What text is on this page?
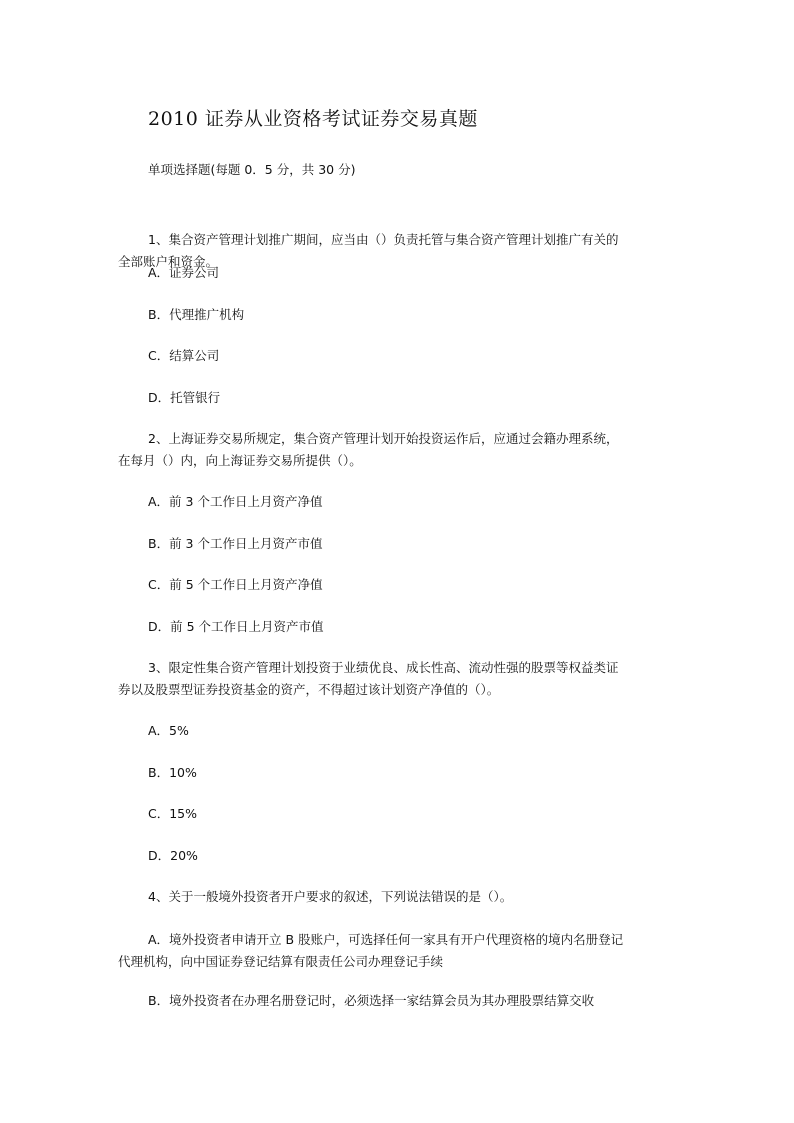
2010 证券从业资格考试证券交易真题
单项选择题(每题 0．5 分，共 30 分)
1、集合资产管理计划推广期间，应当由（）负责托管与集合资产管理计划推广有关的
全部账户和资金。
A．证券公司
B．代理推广机构
C．结算公司
D．托管银行
2、上海证券交易所规定，集合资产管理计划开始投资运作后，应通过会籍办理系统，
在每月（）内，向上海证券交易所提供（）。
A．前 3 个工作日上月资产净值
B．前 3 个工作日上月资产市值
C．前 5 个工作日上月资产净值
D．前 5 个工作日上月资产市值
3、限定性集合资产管理计划投资于业绩优良、成长性高、流动性强的股票等权益类证
券以及股票型证券投资基金的资产，不得超过该计划资产净值的（）。
A．5%
B．10%
C．15%
D．20%
4、关于一般境外投资者开户要求的叙述，下列说法错误的是（）。
A．境外投资者申请开立 B 股账户，可选择任何一家具有开户代理资格的境内名册登记
代理机构，向中国证券登记结算有限责任公司办理登记手续
B．境外投资者在办理名册登记时，必须选择一家结算会员为其办理股票结算交收
